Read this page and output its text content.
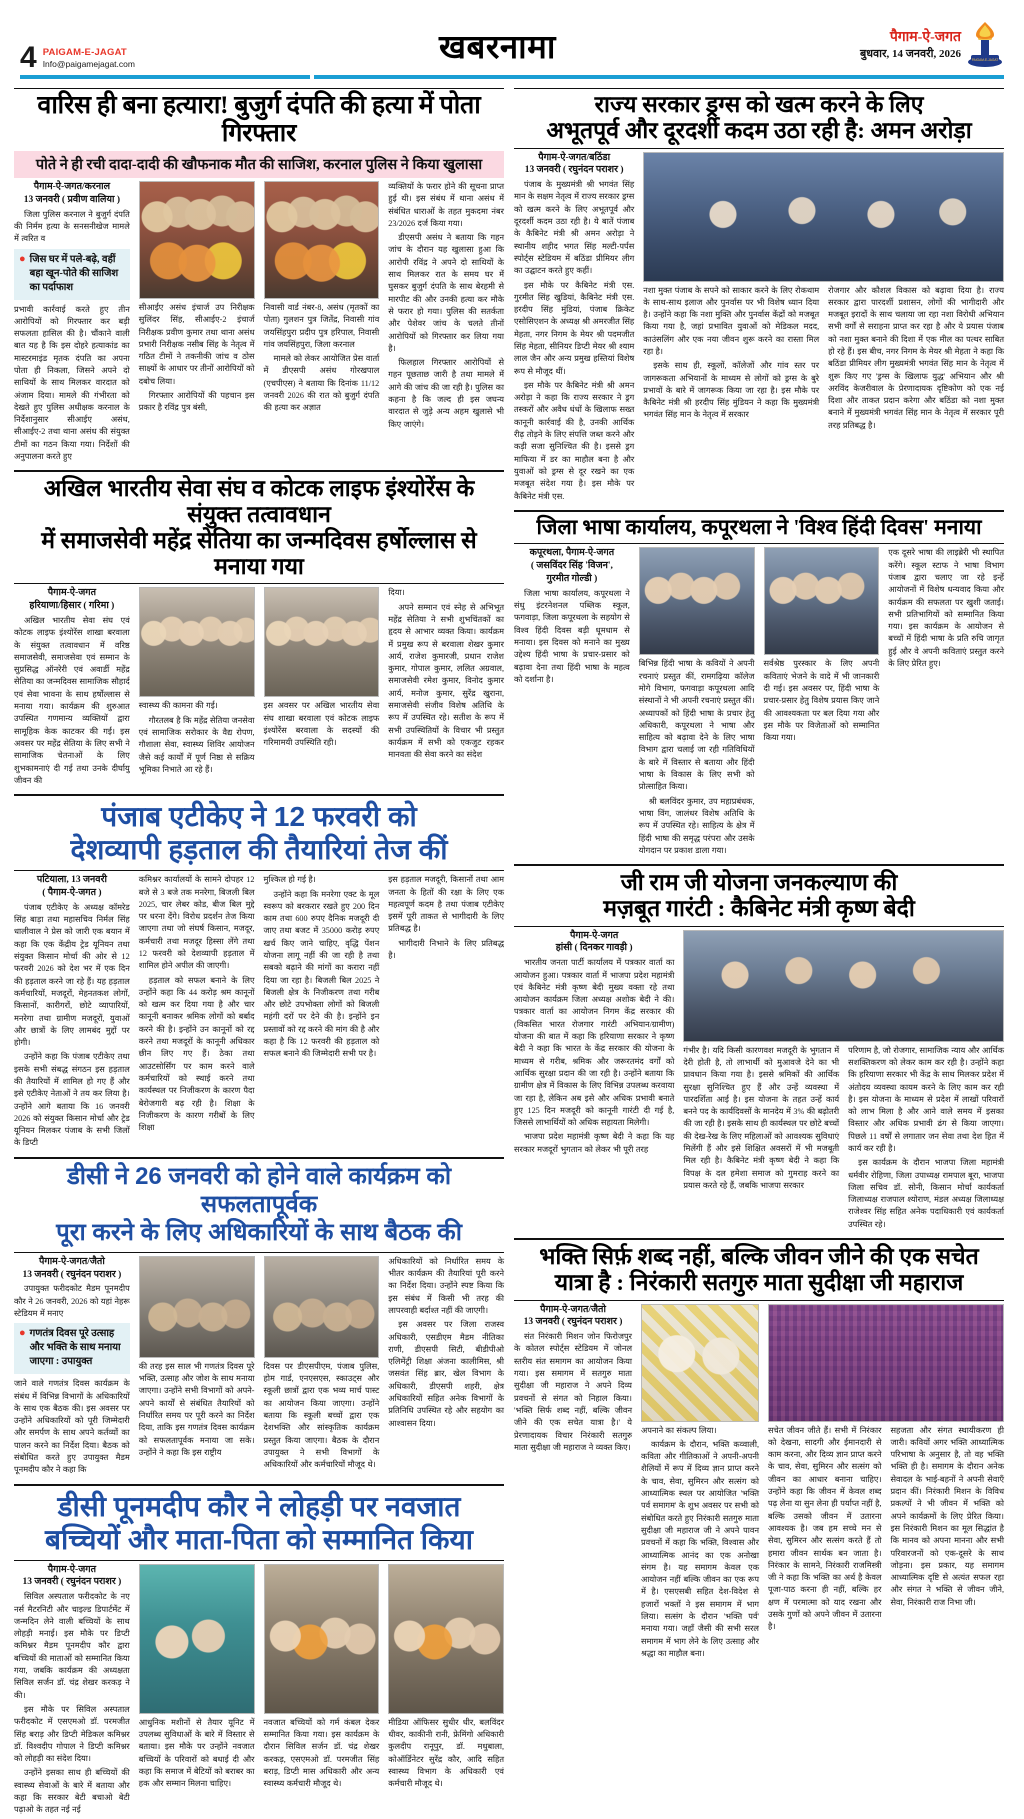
4 PAIGAM-E-JAGAT
Info@paigamejagat.com	खबरनामा	पैगाम-ऐ-जगत
बुधवार, 14 जनवरी, 2026
PAIGAM-E-JAGAT
वारिस ही बना हत्यारा! बुजुर्ग दंपति की हत्या में पोता गिरफ्तार
पोते ने ही रची दादा-दादी की खौफनाक मौत की साजिश, करनाल पुलिस ने किया खुलासा
पैगाम-ऐ-जगत/करनाल
13 जनवरी ( प्रवीण वालिया )

जिला पुलिस करनाल ने बुजुर्ग दंपति की निर्मम हत्या के सनसनीखेज मामले में त्वरित व

● जिस घर में पले-बढ़े, वहीं बहा खून-पोते की साजिश का पर्दाफाश

प्रभावी कार्रवाई करते हुए तीन आरोपियों को गिरफ्तार कर बड़ी सफलता हासिल की है। चौंकाने वाली बात यह है कि इस दोहरे हत्याकांड का मास्टरमाइंड मृतक दंपति का अपना पोता ही निकला, जिसने अपने दो साथियों के साथ मिलकर वारदात को अंजाम दिया। मामले की गंभीरता को देखते हुए पुलिस अधीक्षक करनाल के निर्देशानुसार सीआईए असंध, सीआईए-2 तथा थाना असंध की संयुक्त टीमों का गठन किया गया। निर्देशों की अनुपालना करते हुए

सीआईए असंध इंचार्ज उप निरीक्षक सुलिंदर सिंह, सीआईए-2 इंचार्ज निरीक्षक प्रवीण कुमार तथा थाना असंध प्रभारी निरीक्षक नसीब सिंह के नेतृत्व में गठित टीमों ने तकनीकी जांच व ठोस साक्ष्यों के आधार पर तीनों आरोपियों को दबोच लिया।

गिरफ्तार आरोपियों की पहचान इस प्रकार है रविंद्र पुत्र बंसी,

निवासी वार्ड नंबर-8, असंध (मृतकों का पोता) गुलशन पुत्र जितेंद्र, निवासी गांव जयसिंहपुरा प्रदीप पुत्र हरिपाल, निवासी गांव जयसिंहपुरा, जिला करनाल

मामले को लेकर आयोजित प्रेस वार्ता में डीएसपी असंध गोरखपाल (एचपीएस) ने बताया कि दिनांक 11/12 जनवरी 2026 की रात को बुजुर्ग दंपति की हत्या कर अज्ञात

व्यक्तियों के फरार होने की सूचना प्राप्त हुई थी। इस संबंध में थाना असंध में संबंधित धाराओं के तहत मुकदमा नंबर 23/2026 दर्ज किया गया।

डीएसपी असंध ने बताया कि गहन जांच के दौरान यह खुलासा हुआ कि आरोपी रविंद्र ने अपने दो साथियों के साथ मिलकर रात के समय घर में घुसकर बुजुर्ग दंपति के साथ बेरहमी से मारपीट की और उनकी हत्या कर मौके से फरार हो गया। पुलिस की सतर्कता और पेशेवर जांच के चलते तीनों आरोपियों को गिरफ्तार कर लिया गया है।

फिलहाल गिरफ्तार आरोपियों से गहन पूछताछ जारी है तथा मामले में आगे की जांच की जा रही है। पुलिस का कहना है कि जल्द ही इस जघन्य वारदात से जुड़े अन्य अहम खुलासे भी किए जाएंगे।

अखिल भारतीय सेवा संघ व कोटक लाइफ इंश्योरेंस के संयुक्त तत्वावधान
में समाजसेवी महेंद्र सेतिया का जन्मदिवस हर्षोल्लास से मनाया गया
पैगाम-ऐ-जगत
हरियाणा/हिसार ( गरिमा )

अखिल भारतीय सेवा संघ एवं कोटक लाइफ इंश्योरेंस शाखा बरवाला के संयुक्त तत्वावधान में वरिष्ठ समाजसेवी, समाजसेवा एवं सम्मान के सुप्रसिद्ध ऑनरेरी एवं अवार्डी महेंद्र सेतिया का जन्मदिवस सामाजिक सौहार्द एवं सेवा भावना के साथ हर्षोल्लास से मनाया गया। कार्यक्रम की शुरुआत उपस्थित गणमान्य व्यक्तियों द्वारा सामूहिक केक काटकर की गई। इस अवसर पर महेंद्र सेतिया के लिए सभी ने सामाजिक चेतनाओं के लिए शुभकामनाएं दी गई तथा उनके दीर्घायु जीवन की

स्वास्थ्य की कामना की गई।

गौरतलब है कि महेंद्र सेतिया जनसेवा एवं सामाजिक सरोकार के वैद्य रोपण, गौशाला सेवा, स्वास्थ्य शिविर आयोजन जैसे कई कार्यों में पूर्ण निष्ठा से सक्रिय भूमिका निभाते आ रहे हैं।

इस अवसर पर अखिल भारतीय सेवा संघ शाखा बरवाला एवं कोटक लाइफ इंश्योरेंस बरवाला के सदस्यों की गरिमामयी उपस्थिति रही।

दिया।

अपने सम्मान एवं स्नेह से अभिभूत महेंद्र सेतिया ने सभी शुभचिंतकों का हृदय से आभार व्यक्त किया। कार्यक्रम में प्रमुख रूप से बरवाला शेखर कुमार आर्य, राजेश कुमारजी, प्रधान राजेश कुमार, गोपाल कुमार, ललित अग्रवाल, समाजसेवी रमेश कुमार, विनोद कुमार आर्य, मनोज कुमार, सुरेंद्र खुराना, समाजसेवी संजीव विशेष अतिथि के रूप में उपस्थित रहे। सतीश के रूप में सभी उपस्थितियों के विचार भी प्रस्तुत कार्यक्रम में सभी को एकजुट रहकर मानवता की सेवा करने का संदेश

पंजाब एटीकेए ने 12 फरवरी को
देशव्यापी हड़ताल की तैयारियां तेज कीं
पटियाला, 13 जनवरी
( पैगाम-ऐ-जगत )

पंजाब एटीकेए के अध्यक्ष कॉमरेड सिंह बाड़ा तथा महासचिव निर्मल सिंह धालीवाल ने प्रेस को जारी एक बयान में कहा कि एक केंद्रीय ट्रेड यूनियन तथा संयुक्त किसान मोर्चा की ओर से 12 फरवरी 2026 को देश भर में एक दिन की हड़ताल करने जा रहे हैं। यह हड़ताल कर्मचारियों, मजदूरों, मेहनतकश लोगों, किसानों, कारीगरों, छोटे व्यापारियों, मनरेगा तथा ग्रामीण मजदूरों, युवाओं और छात्रों के लिए लामबंद मुद्दों पर होगी।

उन्होंने कहा कि पंजाब एटीकेए तथा इसके सभी संबद्ध संगठन इस हड़ताल की तैयारियों में शामिल हो गए हैं और इसे एटीकेए नेताओं ने तय कर लिया है। उन्होंने आगे बताया कि 16 जनवरी 2026 को संयुक्त किसान मोर्चा और ट्रेड यूनियन मिलकर पंजाब के सभी जिलों के डिप्टी

कमिश्नर कार्यालयों के सामने दोपहर 12 बजे से 3 बजे तक मनरेगा, बिजली बिल 2025, चार लेबर कोड, बीज बिल मुद्दे पर धरना देंगे। विरोध प्रदर्शन तेज किया जाएगा तथा जो संघर्ष किसान, मजदूर, कर्मचारी तथा मजदूर हिस्सा लेंगे तथा 12 फरवरी को देशव्यापी हड़ताल में शामिल होने अपील की जाएगी।

हड़ताल को सफल बनाने के लिए उन्होंने कहा कि 44 करोड़ श्रम कानूनों को खत्म कर दिया गया है और चार कानूनी बनाकर श्रमिक लोगों को बर्बाद करने की है। इन्होंने उन कानूनों को रद्द करने तथा मजदूरों के कानूनी अधिकार छीन लिए गए हैं। ठेका तथा आउटसोर्सिंग पर काम करने वाले कर्मचारियों को स्थाई करने तथा कार्यस्थल पर निजीकरण के कारण पैदा बेरोजगारी बढ़ रही है। शिक्षा के निजीकरण के कारण गरीबों के लिए शिक्षा

मुश्किल हो गई है।

उन्होंने कहा कि मनरेगा एक्ट के मूल स्वरूप को बरकरार रखते हुए 200 दिन काम तथा 600 रुपए दैनिक मजदूरी दी जाए तथा बजट में 35000 करोड़ रुपए खर्च किए जाने चाहिए, वृद्धि पेंशन योजना लागू नहीं की जा रही है तथा सबको बढ़ाने की मांगों का करारा नहीं दिया जा रहा है। बिजली बिल 2025 ने बिजली क्षेत्र के निजीकरण तथा गरीब और छोटे उपभोक्ता लोगों को बिजली महंगी दरों पर देने की है। इन्होंने इन प्रस्तावों को रद्द करने की मांग की है और कहा है कि 12 फरवरी की हड़ताल को सफल बनाने की जिम्मेदारी सभी पर है।

इस हड़ताल मजदूरी, किसानों तथा आम जनता के हितों की रक्षा के लिए एक महत्वपूर्ण कदम है तथा पंजाब एटीकेए इसमें पूरी ताकत से भागीदारी के लिए प्रतिबद्ध है।

भागीदारी निभाने के लिए प्रतिबद्ध है।

डीसी ने 26 जनवरी को होने वाले कार्यक्रम को सफलतापूर्वक
पूरा करने के लिए अधिकारियों के साथ बैठक की
पैगाम-ऐ-जगत/जैतो
13 जनवरी ( रघुनंदन पराशर )

उपायुक्त फरीदकोट मैडम पूनमदीप कौर ने 26 जनवरी, 2026 को यहां नेहरू स्टेडियम में मनाए

● गणतंत्र दिवस पूरे उत्साह और भक्ति के साथ मनाया जाएगा : उपायुक्त

जाने वाले गणतंत्र दिवस कार्यक्रम के संबंध में विभिन्न विभागों के अधिकारियों के साथ एक बैठक की। इस अवसर पर उन्होंने अधिकारियों को पूरी जिम्मेदारी और समर्पण के साथ अपने कर्तव्यों का पालन करने का निर्देश दिया। बैठक को संबोधित करते हुए उपायुक्त मैडम पूनमदीप कौर ने कहा कि

की तरह इस साल भी गणतंत्र दिवस पूरे भक्ति, उत्साह और जोश के साथ मनाया जाएगा। उन्होंने सभी विभागों को अपने-अपने कार्यों से संबंधित तैयारियों को निर्धारित समय पर पूरी करने का निर्देश दिया, ताकि इस गणतंत्र दिवस कार्यक्रम को सफलतापूर्वक मनाया जा सके। उन्होंने ने कहा कि इस राष्ट्रीय

दिवस पर डीएसपीएम, पंजाब पुलिस, होम गार्ड, एनएसएस, स्काउट्स और स्कूली छात्रों द्वारा एक भव्य मार्च पास्ट का आयोजन किया जाएगा। उन्होंने बताया कि स्कूली बच्चों द्वारा एक देशभक्ति और सांस्कृतिक कार्यक्रम प्रस्तुत किया जाएगा। बैठक के दौरान उपायुक्त ने सभी विभागों के अधिकारियों और कर्मचारियों मौजूद थे।

अधिकारियों को निर्धारित समय के भीतर कार्यक्रम की तैयारियां पूरी करने का निर्देश दिया। उन्होंने स्पष्ट किया कि इस संबंध में किसी भी तरह की लापरवाही बर्दाश्त नहीं की जाएगी।

इस अवसर पर जिला राजस्व अधिकारी, एसडीएम मैडम नीतिका राणी, डीएसपी सिटी, बीडीपीओ एलिमेंट्री शिक्षा अंजना कालीमिस, श्री जसवंत सिंह ब्रार, खेल विभाग के अधिकारी, डीएसपी शहरी, क्षेत्र अधिकारियों सहित अनेक विभागों के प्रतिनिधि उपस्थित रहे और सहयोग का आश्वासन दिया।

डीसी पूनमदीप कौर ने लोहड़ी पर नवजात
बच्चियों और माता-पिता को सम्मानित किया
पैगाम-ऐ-जगत
13 जनवरी ( रघुनंदन पराशर )

सिविल अस्पताल फरीदकोट के नए नर्स मैटरनिटी और चाइल्ड डिपार्टमेंट में जन्मदिन लेने वाली बच्चियों के साथ लोहड़ी मनाई। इस मौके पर डिप्टी कमिश्नर मैडम पूनमदीप कौर द्वारा बच्चियों की माताओं को सम्मानित किया गया, जबकि कार्यक्रम की अध्यक्षता सिविल सर्जन डॉ. चंद्र शेखर करकड़ ने की।

इस मौके पर सिविल अस्पताल फरीदकोट में एसएमओ डॉ. परमजीत सिंह बराड़ और डिप्टी मेडिकल कमिश्नर डॉ. विश्वदीप गोपाल ने डिप्टी कमिश्नर को लोहड़ी का संदेश दिया।

उन्होंने इसका साथ ही बच्चियों की स्वास्थ्य सेवाओं के बारे में बताया और कहा कि सरकार बेटी बचाओ बेटी पढ़ाओ के तहत नई नई

आधुनिक मशीनों से तैयार यूनिट में उपलब्ध सुविधाओं के बारे में विस्तार से बताया। इस मौके पर उन्होंने नवजात बच्चियों के परिवारों को बधाई दी और कहा कि समाज में बेटियों को बराबर का हक और सम्मान मिलना चाहिए।

नवजात बच्चियों को गर्म कंबल देकर सम्मानित किया गया। इस कार्यक्रम के दौरान सिविल सर्जन डॉ. चंद्र शेखर करकड़, एसएमओ डॉ. परमजीत सिंह बराड़, डिप्टी मास अधिकारी और अन्य स्वास्थ्य कर्मचारी मौजूद थे।

मीडिया ऑफिसर सुधीर धीर, बलविंदर धीवर, काकीनी रानी, फ्रेमिंगो अधिकारी कुलदीप रानूपुर, डॉ. मधुबाला, कोऑर्डिनेटर सुरेंद्र कौर, आदि सहित स्वास्थ्य विभाग के अधिकारी एवं कर्मचारी मौजूद थे।

राज्य सरकार ड्रग्स को खत्म करने के लिए
अभूतपूर्व और दूरदर्शी कदम उठा रही है: अमन अरोड़ा
पैगाम-ऐ-जगत/बठिंडा
13 जनवरी ( रघुनंदन पराशर )

पंजाब के मुख्यमंत्री श्री भगवंत सिंह मान के सक्षम नेतृत्व में राज्य सरकार ड्रग्स को खत्म करने के लिए अभूतपूर्व और दूरदर्शी कदम उठा रही है। ये बातें पंजाब के कैबिनेट मंत्री श्री अमन अरोड़ा ने स्थानीय शहीद भगत सिंह मल्टी-पर्पस स्पोर्ट्स स्टेडियम में बठिंडा प्रीमियर लीग का उद्घाटन करते हुए कहीं।

इस मौके पर कैबिनेट मंत्री एस. गुरमीत सिंह खुडियां, कैबिनेट मंत्री एस. हरदीप सिंह मुंडियां, पंजाब क्रिकेट एसोसिएशन के अध्यक्ष श्री अमरजीत सिंह मेहता, नगर निगम के मेयर श्री पदमजीत सिंह मेहता, सीनियर डिप्टी मेयर श्री श्याम लाल जैन और अन्य प्रमुख हस्तियां विशेष रूप से मौजूद थीं।

इस मौके पर कैबिनेट मंत्री श्री अमन अरोड़ा ने कहा कि राज्य सरकार ने ड्रग तस्करों और अवैध धंधों के खिलाफ सख्त कानूनी कार्रवाई की है, उनकी आर्थिक रीढ़ तोड़ने के लिए संपत्ति जब्त करने और कड़ी सजा सुनिश्चित की है। इससे ड्रग माफिया में डर का माहौल बना है और युवाओं को ड्रग्स से दूर रखने का एक मजबूत संदेश गया है। इस मौके पर कैबिनेट मंत्री एस.

नशा मुक्त पंजाब के सपने को साकार करने के लिए रोकथाम के साथ-साथ इलाज और पुनर्वास पर भी विशेष ध्यान दिया है। उन्होंने कहा कि नशा मुक्ति और पुनर्वास केंद्रों को मजबूत किया गया है, जहां प्रभावित युवाओं को मेडिकल मदद, काउंसलिंग और एक नया जीवन शुरू करने का रास्ता मिल रहा है।

इसके साथ ही, स्कूलों, कॉलेजों और गांव स्तर पर जागरूकता अभियानों के माध्यम से लोगों को ड्रग्स के बुरे प्रभावों के बारे में जागरूक किया जा रहा है। इस मौके पर कैबिनेट मंत्री श्री हरदीप सिंह मुंडियन ने कहा कि मुख्यमंत्री भगवंत सिंह मान के नेतृत्व में सरकार

रोजगार और कौशल विकास को बढ़ावा दिया है। राज्य सरकार द्वारा पारदर्शी प्रशासन, लोगों की भागीदारी और मजबूत इरादों के साथ चलाया जा रहा नशा विरोधी अभियान सभी वर्गों से सराहना प्राप्त कर रहा है और ये प्रयास पंजाब को नशा मुक्त बनाने की दिशा में एक मील का पत्थर साबित हो रहे हैं। इस बीच, नगर निगम के मेयर श्री मेहता ने कहा कि बठिंडा प्रीमियर लीग मुख्यमंत्री भगवंत सिंह मान के नेतृत्व में शुरू किए गए 'ड्रग्स के खिलाफ युद्ध' अभियान और श्री अरविंद केजरीवाल के प्रेरणादायक दृष्टिकोण को एक नई दिशा और ताकत प्रदान करेगा और बठिंडा को नशा मुक्त बनाने में मुख्यमंत्री भगवंत सिंह मान के नेतृत्व में सरकार पूरी तरह प्रतिबद्ध है।

जिला भाषा कार्यालय, कपूरथला ने 'विश्व हिंदी दिवस' मनाया
कपूरथला, पैगाम-ऐ-जगत
( जसविंदर सिंह 'विजन',
गुरमीत गोल्डी )

जिला भाषा कार्यालय, कपूरथला ने संधु इंटरनेशनल पब्लिक स्कूल, फगवाड़ा, जिला कपूरथला के सहयोग से विश्व हिंदी दिवस बड़ी धूमधाम से मनाया। इस दिवस को मनाने का मुख्य उद्देश्य हिंदी भाषा के प्रचार-प्रसार को बढ़ावा देना तथा हिंदी भाषा के महत्व को दर्शाना है।

बिभिन्न हिंदी भाषा के कवियों ने अपनी रचनाएं प्रस्तुत कीं, रामगढ़िया कॉलेज मोगे विभाग, फगवाड़ा कपूरथला आदि संस्थानों ने भी अपनी रचनाएं प्रस्तुत कीं। अध्यापकों को हिंदी भाषा के प्रचार हेतु अधिकारी, कपूरथला ने भाषा और साहित्य को बढ़ावा देने के लिए भाषा विभाग द्वारा चलाई जा रही गतिविधियों के बारे में विस्तार से बताया और हिंदी भाषा के विकास के लिए सभी को प्रोत्साहित किया।

श्री बलविंदर कुमार, उप महाप्रबंधक, भाषा विंग, जालंधर विशेष अतिथि के रूप में उपस्थित रहे। साहित्य के क्षेत्र में हिंदी भाषा की समृद्ध परंपरा और उसके योगदान पर प्रकाश डाला गया।

सर्वश्रेष्ठ पुरस्कार के लिए अपनी कविताएं भेजने के वादे में भी जानकारी दी गई। इस अवसर पर, हिंदी भाषा के प्रचार-प्रसार हेतु विशेष प्रयास किए जाने की आवश्यकता पर बल दिया गया और इस मौके पर विजेताओं को सम्मानित किया गया।

एक दूसरे भाषा की लाइब्रेरी भी स्थापित करेंगे। स्कूल स्टाफ ने भाषा विभाग पंजाब द्वारा चलाए जा रहे इन्हें आयोजनों में विशेष धन्यवाद किया और कार्यक्रम की सफलता पर खुशी जताई। सभी प्रतिभागियों को सम्मानित किया गया। इस कार्यक्रम के आयोजन से बच्चों में हिंदी भाषा के प्रति रुचि जागृत हुई और वे अपनी कविताएं प्रस्तुत करने के लिए प्रेरित हुए।

जी राम जी योजना जनकल्याण की
मज़बूत गारंटी : कैबिनेट मंत्री कृष्ण बेदी
पैगाम-ऐ-जगत
हांसी ( दिनकर गावड़ी )

भारतीय जनता पार्टी कार्यालय में पत्रकार वार्ता का आयोजन हुआ। पत्रकार वार्ता में भाजपा प्रदेश महामंत्री एवं कैबिनेट मंत्री कृष्ण बेदी मुख्य वक्ता रहे तथा आयोजन कार्यक्रम जिला अध्यक्ष अशोक बेदी ने की। पत्रकार वार्ता का आयोजन निगम केंद्र सरकार की (विकसित भारत रोजगार गारंटी अभियान/ग्रामीण) योजना की बात में कहा कि हरियाणा सरकार ने कृष्ण बेदी ने कहा कि भारत के केंद्र सरकार की योजना के माध्यम से गरीब, श्रमिक और जरूरतमंद वर्गों को आर्थिक सुरक्षा प्रदान की जा रही है। उन्होंने बताया कि ग्रामीण क्षेत्र में विकास के लिए विभिन्न उपलब्ध करवाया जा रहा है, लेकिन अब इसे और अधिक प्रभावी बनाते हुए 125 दिन मजदूरी को कानूनी गारंटी दी गई है, जिससे लाभार्थियों को अधिक सहायता मिलेगी।

भाजपा प्रदेश महामंत्री कृष्ण बेदी ने कहा कि यह सरकार मजदूरों भुगतान को लेकर भी पूरी तरह

गंभीर है। यदि किसी कारणवश मजदूरी के भुगतान में देरी होती है, तो लाभार्थी को मुआवजे देने का भी प्रावधान किया गया है। इससे श्रमिकों की आर्थिक सुरक्षा सुनिश्चित हुए हैं और उन्हें व्यवस्था में पारदर्शिता आई है। इस योजना के तहत उन्हें कार्य बनने पद के कार्यदिवसों के मानदेय में 3% की बढ़ोतरी की जा रही है। इसके साथ ही कार्यस्थल पर छोटे बच्चों की देख-रेख के लिए महिलाओं को आवश्यक सुविधाएं मिलेंगी हैं और इसे शिक्षित अवसरों में भी मजबूती मिल रही है। कैबिनेट मंत्री कृष्ण बेदी ने कहा कि विपक्ष के दल हमेशा समाज को गुमराह करने का प्रयास करते रहे हैं, जबकि भाजपा सरकार

परिणाम है, जो रोजगार, सामाजिक न्याय और आर्थिक सशक्तिकरण को लेकर काम कर रही है। उन्होंने कहा कि हरियाणा सरकार भी केंद्र के साथ मिलकर प्रदेश में अंतोदय व्यवस्था कायम करने के लिए काम कर रही है। इस योजना के माध्यम से प्रदेश में लाखों परिवारों को लाभ मिला है और आने वाले समय में इसका विस्तार और अधिक प्रभावी ढंग से किया जाएगा। पिछले 11 वर्षों से लगातार जन सेवा तथा देश हित में कार्य कर रही है।

इस कार्यक्रम के दौरान भाजपा जिला महामंत्री धर्मवीर रोहिणा, जिला उपाध्यक्ष रामपाल बूरा, भाजपा जिला सचिव डॉ. सोनी, किसान मोर्चा कार्यकर्ता जिलाध्यक्ष राजपाल श्योराण, मंडल अध्यक्ष जिलाध्यक्ष राजेश्वर सिंह सहित अनेक पदाधिकारी एवं कार्यकर्ता उपस्थित रहे।

भक्ति सिर्फ़ शब्द नहीं, बल्कि जीवन जीने की एक सचेत
यात्रा है : निरंकारी सतगुरु माता सुदीक्षा जी महाराज
पैगाम-ऐ-जगत/जैतो
13 जनवरी ( रघुनंदन पराशर )

संत निरंकारी मिशन जोन फिरोजपुर के कोतल स्पोर्ट्स स्टेडियम में जोनल स्तरीय संत समागम का आयोजन किया गया। इस समागम में सतगुरु माता सुदीक्षा जी महाराज ने अपने दिव्य प्रवचनों से संगत को निहाल किया। 'भक्ति सिर्फ शब्द नहीं, बल्कि जीवन जीने की एक सचेत यात्रा है।' ये प्रेरणादायक विचार निरंकारी सतगुरु माता सुदीक्षा जी महाराज ने व्यक्त किए।

अपनाने का संकल्प लिया।

कार्यक्रम के दौरान, भक्ति कव्वाली, कविता और गीतिकाओं ने अपनी-अपनी शैलियों में रूप में दिव्य ज्ञान प्राप्त करने के चाव, सेवा, सुमिरन और सत्संग को आध्यात्मिक स्थल पर आयोजित 'भक्ति पर्व समागम' के शुभ अवसर पर सभी को संबोधित करते हुए निरंकारी सतगुरु माता सुदीक्षा जी महाराज जी ने अपने पावन प्रवचनों में कहा कि भक्ति, विश्वास और आध्यात्मिक आनंद का एक अनोखा संगम है। यह समागम केवल एक आयोजन नहीं बल्कि जीवन का एक रूप में है। एसएसबी सहित देश-विदेश से हजारों भक्तों ने इस समागम में भाग लिया। सत्संग के दौरान 'भक्ति पर्व' मनाया गया। जहाँ जैसी की सभी सरल समागम में भाग लेने के लिए उत्साह और श्रद्धा का माहौल बना।

सचेत जीवन जीते हैं। सभी में निरंकार को देखना, सादगी और ईमानदारी से काम करना, और दिव्य ज्ञान प्राप्त करने के चाव, सेवा, सुमिरन और सत्संग को जीवन का आधार बनाना चाहिए। उन्होंने कहा कि जीवन में केवल शब्द पढ़ लेना या सुन लेना ही पर्याप्त नहीं है, बल्कि उसको जीवन में उतारना आवश्यक है। जब हम सच्चे मन से सेवा, सुमिरन और सत्संग करते हैं तो हमारा जीवन सार्थक बन जाता है। निरंकार के सामने, निरंकारी राजमिस्त्री जी ने कहा कि भक्ति का अर्थ है केवल पूजा-पाठ करना ही नहीं, बल्कि हर क्षण में परमात्मा को याद रखना और उसके गुणों को अपने जीवन में उतारना है।

सहजता और संगत स्थायीकरण ही जारी। कवियों अगर भक्ति आध्यात्मिक परिभाषा के अनुसार है, तो वह भक्ति भक्ति ही है। समागम के दौरान अनेक सेवादल के भाई-बहनों ने अपनी सेवाएँ प्रदान कीं। निरंकारी मिशन के विविध प्रकल्पों ने भी जीवन में भक्ति को अपने कार्यक्रमों के लिए प्रेरित किया। इस निरंकारी मिशन का मूल सिद्धांत है कि मानव को अपना मानना और सभी परिवारजनों को एक-दूसरे के साथ जोड़ना। इस प्रकार, यह समागम आध्यात्मिक दृष्टि से अत्यंत सफल रहा और संगत ने भक्ति से जीवन जीने, सेवा, निरंकारी राज निभा जी।
